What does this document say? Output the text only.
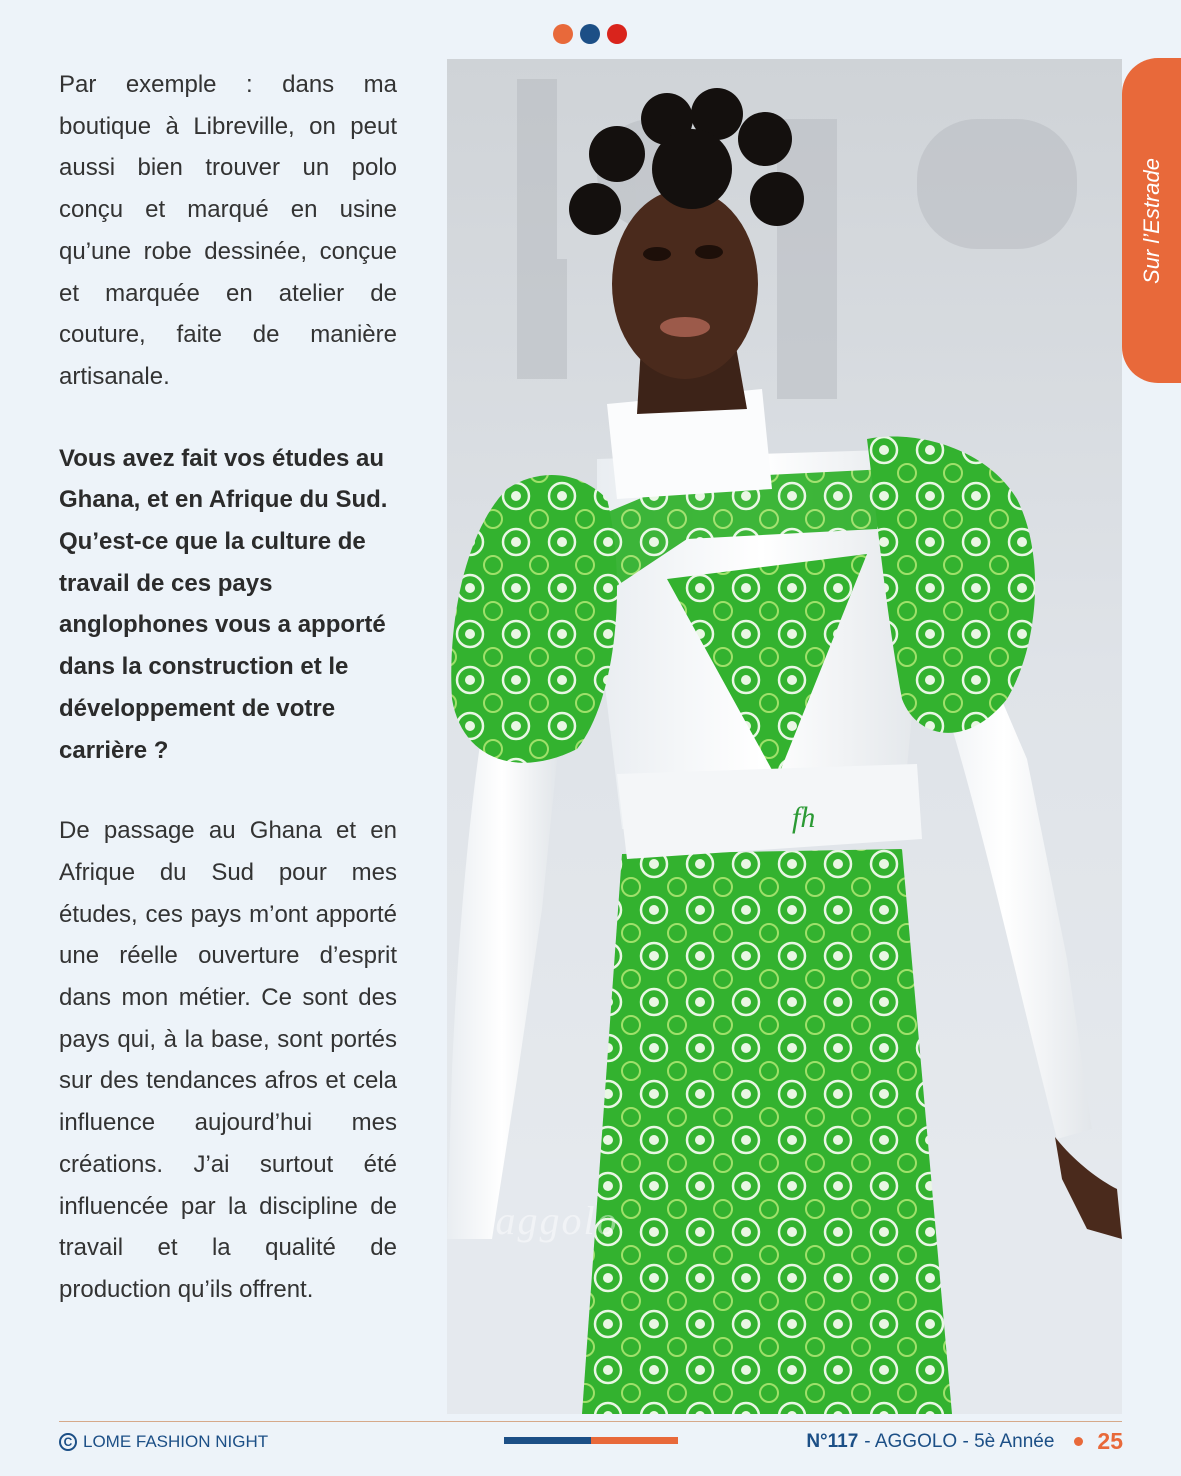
Par exemple : dans ma boutique à Libreville, on peut aussi bien trouver un polo conçu et marqué en usine qu’une robe dessinée, conçue et marquée en atelier de couture, faite de manière artisanale.

Vous avez fait vos études au Ghana, et en Afrique du Sud. Qu’est-ce que la culture de travail de ces pays anglophones vous a apporté dans la construction et le développement de votre carrière ?

De passage au Ghana et en Afrique du Sud pour mes études, ces pays m’ont apporté une réelle ouverture d’esprit dans mon métier. Ce sont des pays qui, à la base, sont portés sur des tendances afros et cela influence aujourd’hui mes créations. J’ai surtout été influencée par la discipline de travail et la qualité de production qu’ils offrent.

fh
aggolo
Sur l’Estrade
C LOME FASHION NIGHT	N°117 - AGGOLO - 5è Année 25
